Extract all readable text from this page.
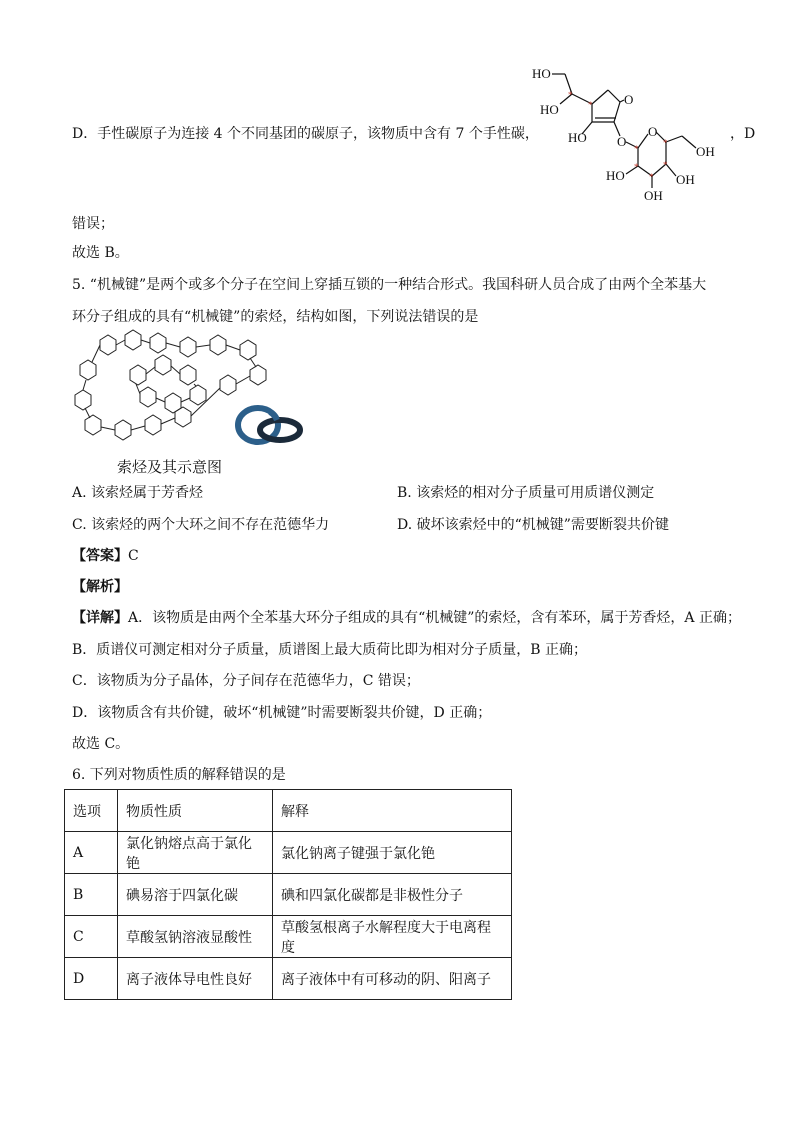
D．手性碳原子为连接 4 个不同基团的碳原子，该物质中含有 7 个手性碳，
HO
HO
O
HO O
O
OH
HO	OH
OH
*
*
*
*
*
*
*
，D
错误；
故选 B。
5. “机械键”是两个或多个分子在空间上穿插互锁的一种结合形式。我国科研人员合成了由两个全苯基大
环分子组成的具有“机械键”的索烃，结构如图，下列说法错误的是
索烃及其示意图
A. 该索烃属于芳香烃	B. 该索烃的相对分子质量可用质谱仪测定
C. 该索烃的两个大环之间不存在范德华力	D. 破坏该索烃中的“机械键”需要断裂共价键
【答案】C
【解析】
【详解】A．该物质是由两个全苯基大环分子组成的具有“机械键”的索烃，含有苯环，属于芳香烃，A 正确；
B．质谱仪可测定相对分子质量，质谱图上最大质荷比即为相对分子质量，B 正确；
C．该物质为分子晶体，分子间存在范德华力，C 错误；
D．该物质含有共价键，破坏“机械键”时需要断裂共价键，D 正确；
故选 C。
6. 下列对物质性质的解释错误的是
选项	物质性质	解释
A	氯化钠熔点高于氯化铯	氯化钠离子键强于氯化铯
B	碘易溶于四氯化碳	碘和四氯化碳都是非极性分子
C	草酸氢钠溶液显酸性	草酸氢根离子水解程度大于电离程度
D	离子液体导电性良好	离子液体中有可移动的阴、阳离子
